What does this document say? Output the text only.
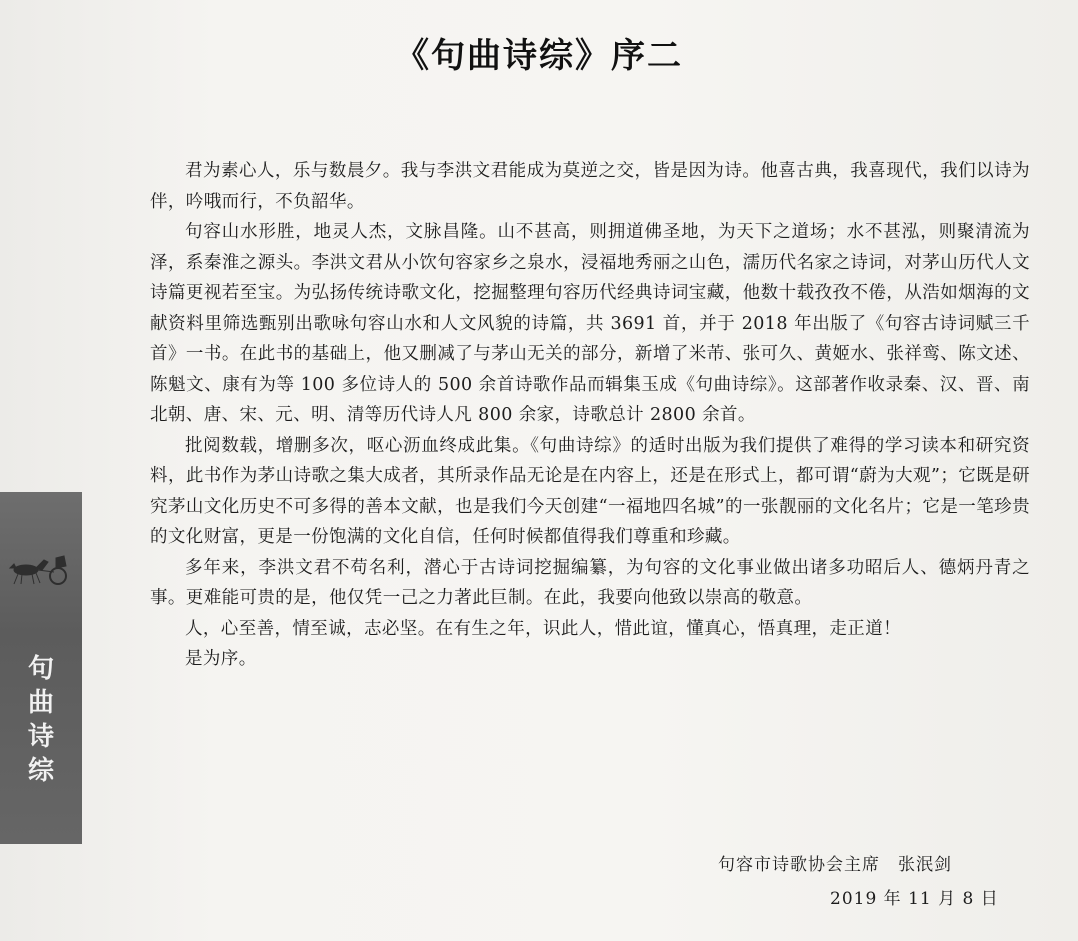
《句曲诗综》序二

君为素心人，乐与数晨夕。我与李洪文君能成为莫逆之交，皆是因为诗。他喜古典，我喜现代，我们以诗为伴，吟哦而行，不负韶华。

句容山水形胜，地灵人杰，文脉昌隆。山不甚高，则拥道佛圣地，为天下之道场；水不甚泓，则聚清流为泽，系秦淮之源头。李洪文君从小饮句容家乡之泉水，浸福地秀丽之山色，濡历代名家之诗词，对茅山历代人文诗篇更视若至宝。为弘扬传统诗歌文化，挖掘整理句容历代经典诗词宝藏，他数十载孜孜不倦，从浩如烟海的文献资料里筛选甄别出歌咏句容山水和人文风貌的诗篇，共 3691 首，并于 2018 年出版了《句容古诗词赋三千首》一书。在此书的基础上，他又删减了与茅山无关的部分，新增了米芾、张可久、黄姬水、张祥鸾、陈文述、陈魁文、康有为等 100 多位诗人的 500 余首诗歌作品而辑集玉成《句曲诗综》。这部著作收录秦、汉、晋、南北朝、唐、宋、元、明、清等历代诗人凡 800 余家，诗歌总计 2800 余首。

批阅数载，增删多次，呕心沥血终成此集。《句曲诗综》的适时出版为我们提供了难得的学习读本和研究资料，此书作为茅山诗歌之集大成者，其所录作品无论是在内容上，还是在形式上，都可谓“蔚为大观”；它既是研究茅山文化历史不可多得的善本文献，也是我们今天创建“一福地四名城”的一张靓丽的文化名片；它是一笔珍贵的文化财富，更是一份饱满的文化自信，任何时候都值得我们尊重和珍藏。

多年来，李洪文君不苟名利，潜心于古诗词挖掘编纂，为句容的文化事业做出诸多功昭后人、德炳丹青之事。更难能可贵的是，他仅凭一己之力著此巨制。在此，我要向他致以崇高的敬意。

人，心至善，情至诚，志必坚。在有生之年，识此人，惜此谊，懂真心，悟真理，走正道！

是为序。

句曲诗综
句容市诗歌协会主席　张泯剑
2019 年 11 月 8 日
